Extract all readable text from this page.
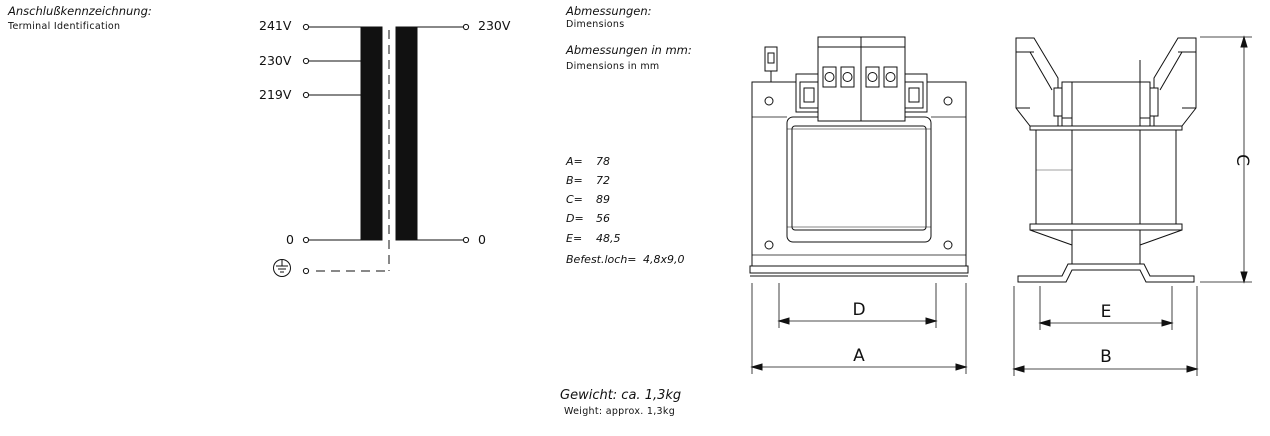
Anschlußkennzeichnung:
Terminal Identification	241V
230V
219V
0
230V
0
Abmessungen:
Dimensions
Abmessungen in mm:
Dimensions in mm
A= 78
B= 72
C= 89
D= 56
E= 48,5
Befest.loch= 4,8x9,0
Gewicht: ca. 1,3kg
Weight: approx. 1,3kg
D
A
E
B
C
